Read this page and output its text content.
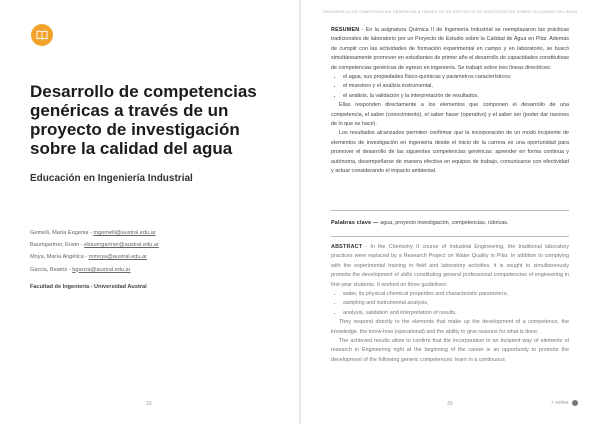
Desarrollo de competencias genéricas a través de un proyecto de investigación sobre la calidad del agua
Educación en Ingeniería Industrial
Gemelli, María Eugenia - mgemelli@austral.edu.ar
Baumgartner, Erwin - ebaumgartner@austral.edu.ar
Moya, María Angélica - mmoya@austral.edu.ar
García, Beatriz - bgarcia@austral.edu.ar
Facultad de Ingeniería - Universidad Austral
33
DESARROLLO DE COMPETENCIAS GENÉRICAS A TRAVÉS DE UN PROYECTO DE INVESTIGACIÓN SOBRE LA CALIDAD DEL AGUA

RESUMEN - En la asignatura Química II de Ingeniería Industrial se reemplazaron las prácticas tradicionales de laboratorio por un Proyecto de Estudio sobre la Calidad de Agua en Pilar. Además de cumplir con las actividades de formación experimental en campo y en laboratorio, se buscó simultáneamente promover en estudiantes de primer año el desarrollo de capacidades constitutivas de competencias genéricas de egreso en ingeniería. Se trabajó sobre tres líneas directrices:

• el agua, sus propiedades físico-químicas y parámetros característicos;
• el muestreo y el análisis instrumental,
• el análisis, la validación y la interpretación de resultados.

Ellas responden directamente a los elementos que componen el desarrollo de una competencia, el saber (conocimiento), el saber hacer (operativo) y el saber ser (poder dar razones de lo que se hace).

Los resultados alcanzados permiten confirmar que la incorporación de un modo incipiente de elementos de investigación en ingeniería desde el inicio de la carrera es una oportunidad para promover el desarrollo de las siguientes competencias genéricas: aprender en forma continua y autónoma, desempeñarse de manera efectiva en equipos de trabajo, comunicarse con efectividad y actuar considerando el impacto ambiental.

Palabras clave — agua, proyecto investigación, competencias, rúbricas.

ABSTRACT - In the Chemistry II course of Industrial Engineering, the traditional laboratory practices were replaced by a Research Project on Water Quality in Pilar. In addition to complying with the experimental training in field and laboratory activities, it is sought to simultaneously promote the development of skills constituting general professional competencies of engineering in first-year students. It worked on three guidelines:

• water, its physical-chemical properties and characteristic parameters;
• sampling and instrumental analysis,
• analysis, validation and interpretation of results.

They respond directly to the elements that make up the development of a competence, the knowledge, the know-how (operational) and the ability to give reasons for what is done.

The achieved results allow to confirm that the incorporation in an incipient way of elements of research in Engineering right at the beginning of the career is an opportunity to promote the development of the following generic competences: learn in a continuous

33	+ volver
